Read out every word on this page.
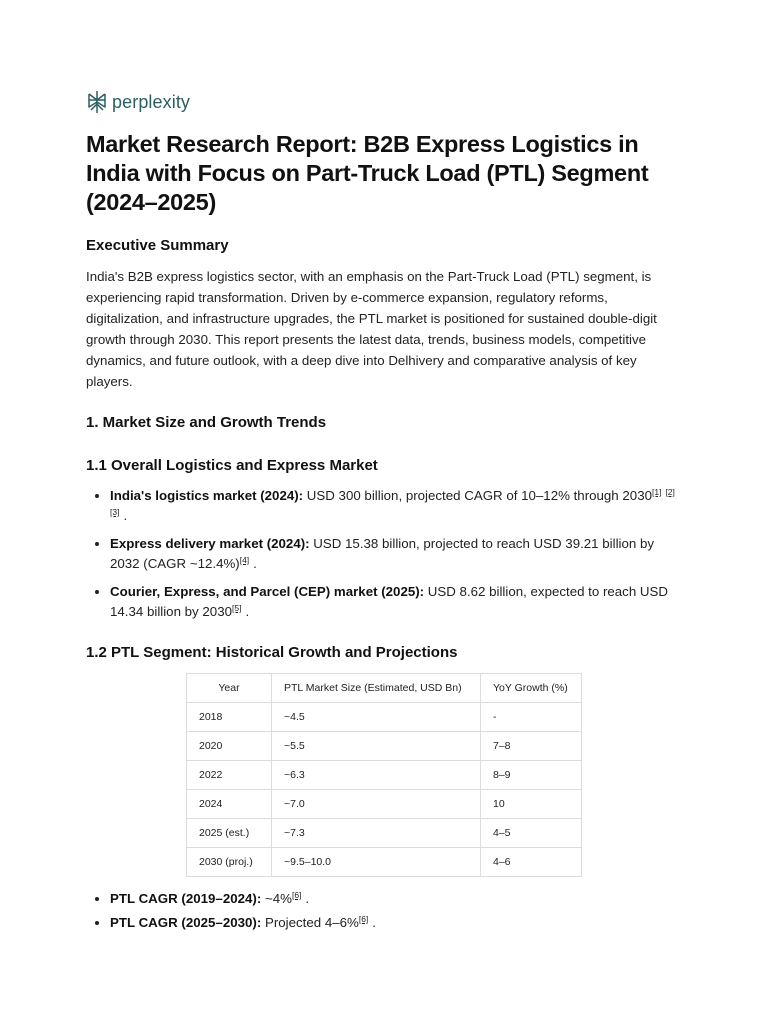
perplexity
Market Research Report: B2B Express Logistics in India with Focus on Part-Truck Load (PTL) Segment (2024–2025)
Executive Summary

India's B2B express logistics sector, with an emphasis on the Part-Truck Load (PTL) segment, is experiencing rapid transformation. Driven by e-commerce expansion, regulatory reforms, digitalization, and infrastructure upgrades, the PTL market is positioned for sustained double-digit growth through 2030. This report presents the latest data, trends, business models, competitive dynamics, and future outlook, with a deep dive into Delhivery and comparative analysis of key players.

1. Market Size and Growth Trends
1.1 Overall Logistics and Express Market
• India's logistics market (2024): USD 300 billion, projected CAGR of 10–12% through 2030[1] [2][3] .
• Express delivery market (2024): USD 15.38 billion, projected to reach USD 39.21 billion by 2032 (CAGR ~12.4%)[4] .
• Courier, Express, and Parcel (CEP) market (2025): USD 8.62 billion, expected to reach USD 14.34 billion by 2030[5] .
1.2 PTL Segment: Historical Growth and Projections
Year	PTL Market Size (Estimated, USD Bn)	YoY Growth (%)
2018	~4.5	-
2020	~5.5	7–8
2022	~6.3	8–9
2024	~7.0	10
2025 (est.)	~7.3	4–5
2030 (proj.)	~9.5–10.0	4–6
• PTL CAGR (2019–2024): ~4%[6] .
• PTL CAGR (2025–2030): Projected 4–6%[6] .
